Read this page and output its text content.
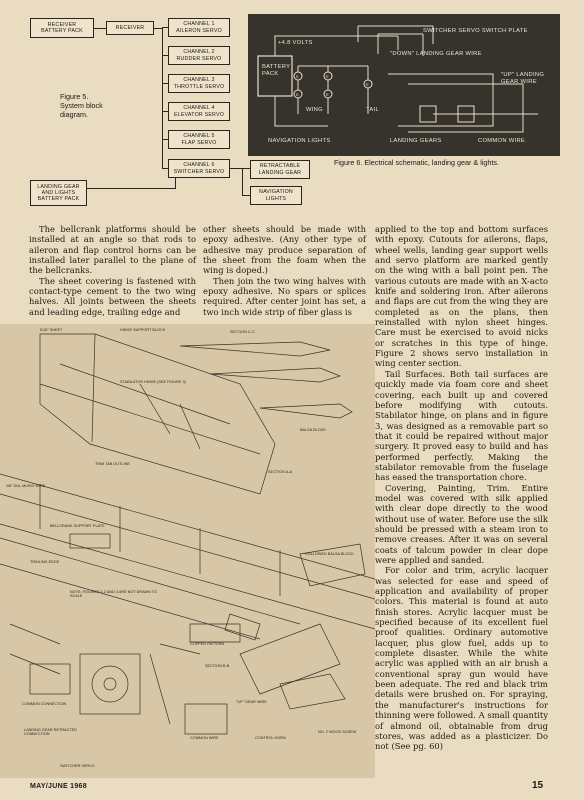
RECEIVER
BATTERY PACK
RECEIVER
CHANNEL 1
AILERON SERVO
CHANNEL 2
RUDDER SERVO
CHANNEL 3
THROTTLE SERVO
CHANNEL 4
ELEVATOR SERVO
CHANNEL 5
FLAP SERVO
CHANNEL 6
SWITCHER SERVO
RETRACTABLE
LANDING GEAR
NAVIGATION
LIGHTS
LANDING GEAR
AND LIGHTS
BATTERY PACK
Figure 5.
System block
diagram.
E
E
E
E
E
+4.8 VOLTS
BATTERY
PACK
SWITCHER SERVO SWITCH PLATE
"DOWN" LANDING GEAR WIRE
"UP" LANDING
GEAR WIRE
WING	TAIL
NAVIGATION LIGHTS	LANDING GEARS	COMMON WIRE
Figure 6. Electrical schematic, landing gear & lights.

The bellcrank platforms should be installed at an angle so that rods to aileron and flap control horns can be installed later parallel to the plane of the bellcranks.

The sheet covering is fastened with contact-type cement to the two wing halves. All joints between the sheets and leading edge, trailing edge and

other sheets should be made with epoxy adhesive. (Any other type of adhesive may produce separation of the sheet from the foam when the wing is doped.)

Then join the two wing halves with epoxy adhesive. No spars or splices required. After center joint has set, a two inch wide strip of fiber glass is

applied to the top and bottom surfaces with epoxy. Cutouts for ailerons, flaps, wheel wells, landing gear support wells and servo platform are marked gently on the wing with a ball point pen. The various cutouts are made with an X-acto knife and soldering iron. After ailerons and flaps are cut from the wing they are completed as on the plans, then reinstalled with nylon sheet hinges. Care must be exercised to avoid nicks or scratches in this type of hinge. Figure 2 shows servo installation in wing center section.

Tail Surfaces. Both tail surfaces are quickly made via foam core and sheet covering, each built up and covered before modifying with cutouts. Stabilator hinge, on plans and in figure 3, was designed as a removable part so that it could be repaired without major surgery. It proved easy to build and has performed perfectly. Making the stabilator removable from the fuselage has eased the transportation chore.

Covering, Painting, Trim. Entire model was covered with silk applied with clear dope directly to the wood without use of water. Before use the silk should be pressed with a steam iron to remove creases. After it was on several coats of talcum powder in clear dope were applied and sanded.

For color and trim, acrylic lacquer was selected for ease and speed of application and availability of proper colors. This material is found at auto finish stores. Acrylic lacquer must be specified because of its excellent fuel proof qualities. Ordinary automotive lacquer, plus glow fuel, adds up to complete disaster. While the white acrylic was applied with an air brush a conventional spray gun would have been adequate. The red and black trim details were brushed on. For spraying, the manufacturer's instructions for thinning were followed. A small quantity of almond oil, obtainable from drug stores, was added as a plasticizer. Do not (See pg. 60)

5/16" SHEET	HINGE SUPPORT BLOCK	SECTION C-C
STABILATOR HINGE (SEE FIGURE 3)
BALSA BLOCK
TRIM TAB OUTLINE
1/8" DIA. MUSIC WIRE
BELLCRANK SUPPORT PLATE
TRAILING EDGE
HOLLOWED BALSA BLOCK
NOTE: FIGURES 1,2 AND 3 ARE NOT DRAWN TO SCALE
SWITCHER SERVO
COMMON CONNECTION
LANDING GEAR RETRACTED CONNECTION
COPPER PATTERN
CONTROL HORN
NO. 2 WOOD SCREW
SECTION B-B
SECTION A-A
"UP" GEAR WIRE
COMMON WIRE
MAY/JUNE 1968	15
